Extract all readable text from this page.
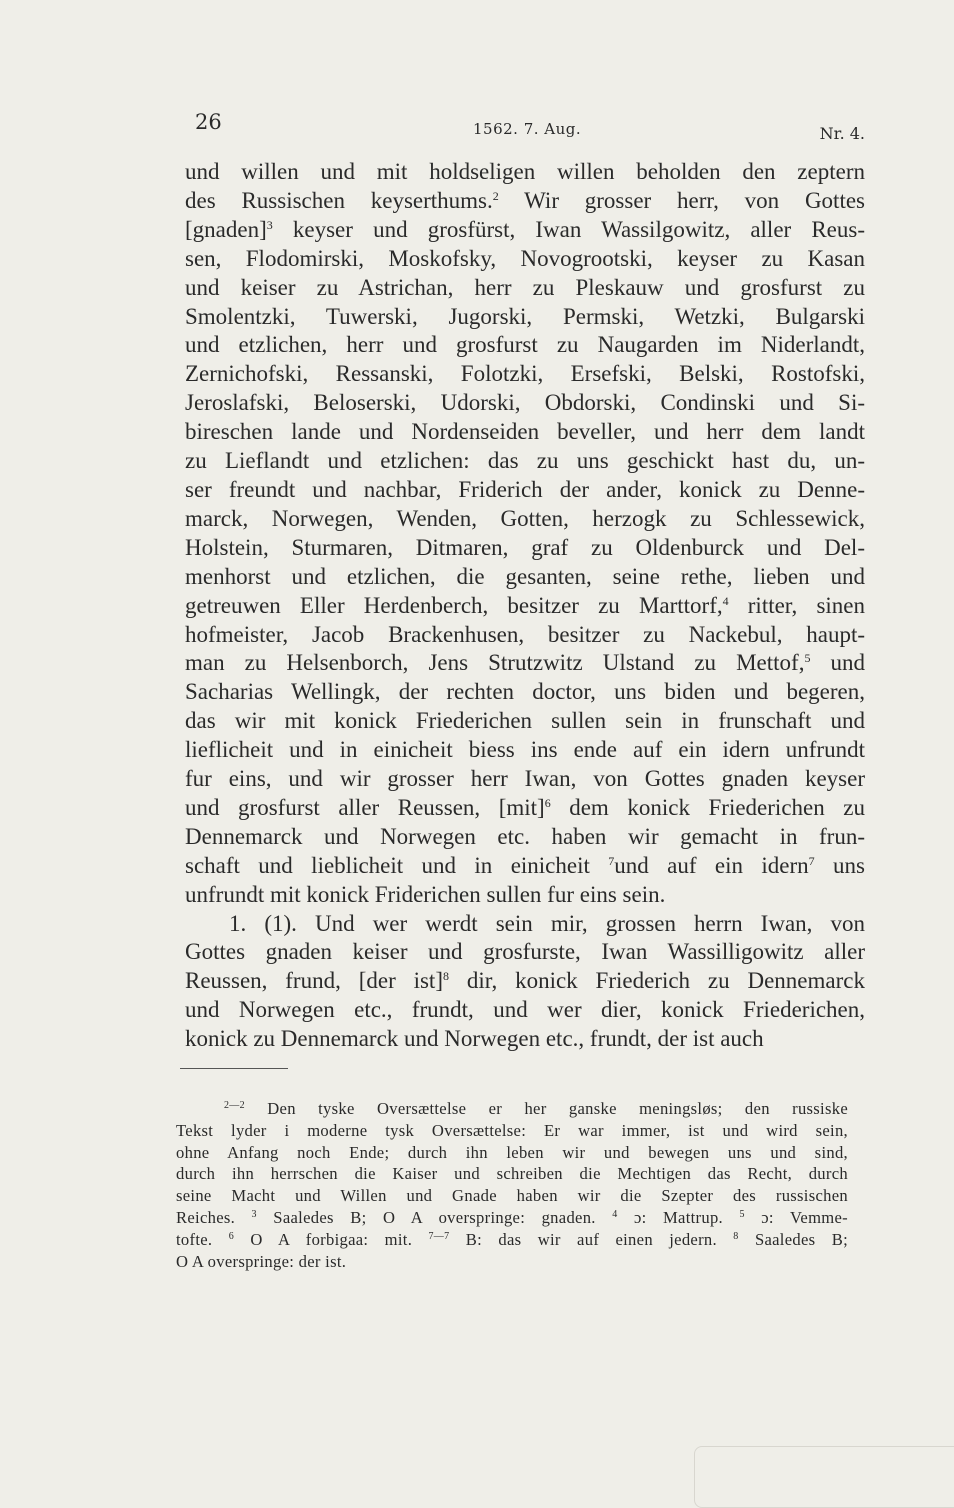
26	1562. 7. Aug.	Nr. 4.
und willen und mit holdseligen willen beholden den zeptern
des Russischen keyserthums.$^2$ Wir grosser herr, von Gottes
[gnaden]$^3$ keyser und grosfürst, Iwan Wassilgowitz, aller Reus-
sen, Flodomirski, Moskofsky, Novogrootski, keyser zu Kasan
und keiser zu Astrichan, herr zu Pleskauw und grosfurst zu
Smolentzki, Tuwerski, Jugorski, Permski, Wetzki, Bulgarski
und etzlichen, herr und grosfurst zu Naugarden im Niderlandt,
Zernichofski, Ressanski, Folotzki, Ersefski, Belski, Rostofski,
Jeroslafski, Beloserski, Udorski, Obdorski, Condinski und Si-
bireschen lande und Nordenseiden beveller, und herr dem landt
zu Lieflandt und etzlichen: das zu uns geschickt hast du, un-
ser freundt und nachbar, Friderich der ander, konick zu Denne-
marck, Norwegen, Wenden, Gotten, herzogk zu Schlessewick,
Holstein, Sturmaren, Ditmaren, graf zu Oldenburck und Del-
menhorst und etzlichen, die gesanten, seine rethe, lieben und
getreuwen Eller Herdenberch, besitzer zu Marttorf,$^4$ ritter, sinen
hofmeister, Jacob Brackenhusen, besitzer zu Nackebul, haupt-
man zu Helsenborch, Jens Strutzwitz Ulstand zu Mettof,$^5$ und
Sacharias Wellingk, der rechten doctor, uns biden und begeren,
das wir mit konick Friederichen sullen sein in frunschaft und
lieflicheit und in einicheit biess ins ende auf ein idern unfrundt
fur eins, und wir grosser herr Iwan, von Gottes gnaden keyser
und grosfurst aller Reussen, [mit]$^6$ dem konick Friederichen zu
Dennemarck und Norwegen etc. haben wir gemacht in frun-
schaft und lieblicheit und in einicheit $^7$und auf ein idern$^7$ uns
unfrundt mit konick Friderichen sullen fur eins sein.
1. (1). Und wer werdt sein mir, grossen herrn Iwan, von
Gottes gnaden keiser und grosfurste, Iwan Wassilligowitz aller
Reussen, frund, [der ist]$^8$ dir, konick Friederich zu Dennemarck
und Norwegen etc., frundt, und wer dier, konick Friederichen,
konick zu Dennemarck und Norwegen etc., frundt, der ist auch
$^{2—2}$ Den tyske Oversættelse er her ganske meningsløs; den russiske
Tekst lyder i moderne tysk Oversættelse: Er war immer, ist und wird sein,
ohne Anfang noch Ende; durch ihn leben wir und bewegen uns und sind,
durch ihn herrschen die Kaiser und schreiben die Mechtigen das Recht, durch
seine Macht und Willen und Gnade haben wir die Szepter des russischen
Reiches. $^3$ Saaledes B; O A overspringe: gnaden. $^4$ ɔ: Mattrup. $^5$ ɔ: Vemme-
tofte. $^6$ O A forbigaa: mit. $^{7—7}$ B: das wir auf einen jedern. $^8$ Saaledes B;
O A overspringe: der ist.
